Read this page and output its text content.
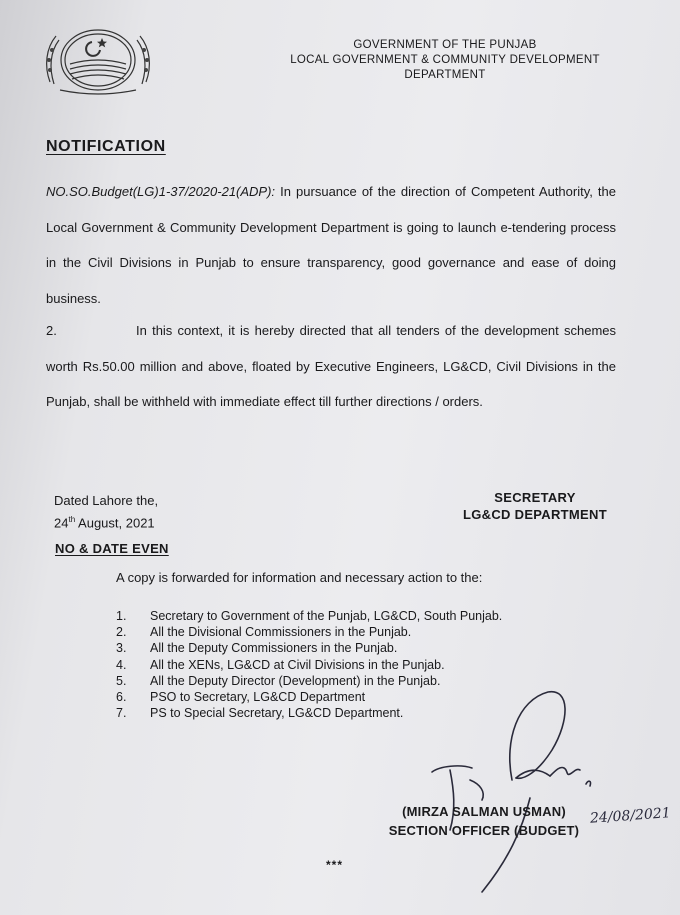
GOVERNMENT OF THE PUNJAB
LOCAL GOVERNMENT & COMMUNITY DEVELOPMENT
DEPARTMENT
NOTIFICATION
NO.SO.Budget(LG)1-37/2020-21(ADP): In pursuance of the direction of Competent Authority, the Local Government & Community Development Department is going to launch e-tendering process in the Civil Divisions in Punjab to ensure transparency, good governance and ease of doing business.
2.	In this context, it is hereby directed that all tenders of the development schemes worth Rs.50.00 million and above, floated by Executive Engineers, LG&CD, Civil Divisions in the Punjab, shall be withheld with immediate effect till further directions / orders.
Dated Lahore the,
24th August, 2021
SECRETARY
LG&CD DEPARTMENT
NO & DATE EVEN
A copy is forwarded for information and necessary action to the:
1. Secretary to Government of the Punjab, LG&CD, South Punjab.
2. All the Divisional Commissioners in the Punjab.
3. All the Deputy Commissioners in the Punjab.
4. All the XENs, LG&CD at Civil Divisions in the Punjab.
5. All the Deputy Director (Development) in the Punjab.
6. PSO to Secretary, LG&CD Department
7. PS to Special Secretary, LG&CD Department.
(MIRZA SALMAN USMAN)
SECTION OFFICER (BUDGET)
24/08/2021
***
